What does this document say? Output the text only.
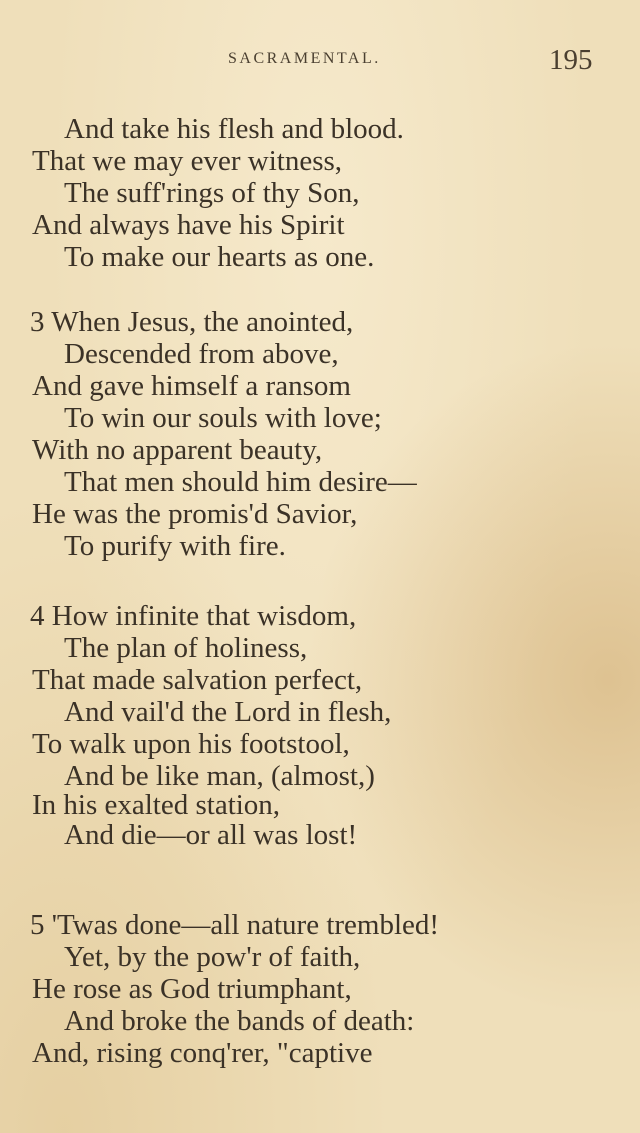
SACRAMENTAL.	195
And take his flesh and blood.
That we may ever witness,
The suff'rings of thy Son,
And always have his Spirit
To make our hearts as one.
3 When Jesus, the anointed,
Descended from above,
And gave himself a ransom
To win our souls with love;
With no apparent beauty,
That men should him desire—
He was the promis'd Savior,
To purify with fire.
4 How infinite that wisdom,
The plan of holiness,
That made salvation perfect,
And vail'd the Lord in flesh,
To walk upon his footstool,
And be like man, (almost,)
In his exalted station,
And die—or all was lost!
5 'Twas done—all nature trembled!
Yet, by the pow'r of faith,
He rose as God triumphant,
And broke the bands of death:
And, rising conq'rer, "captive
